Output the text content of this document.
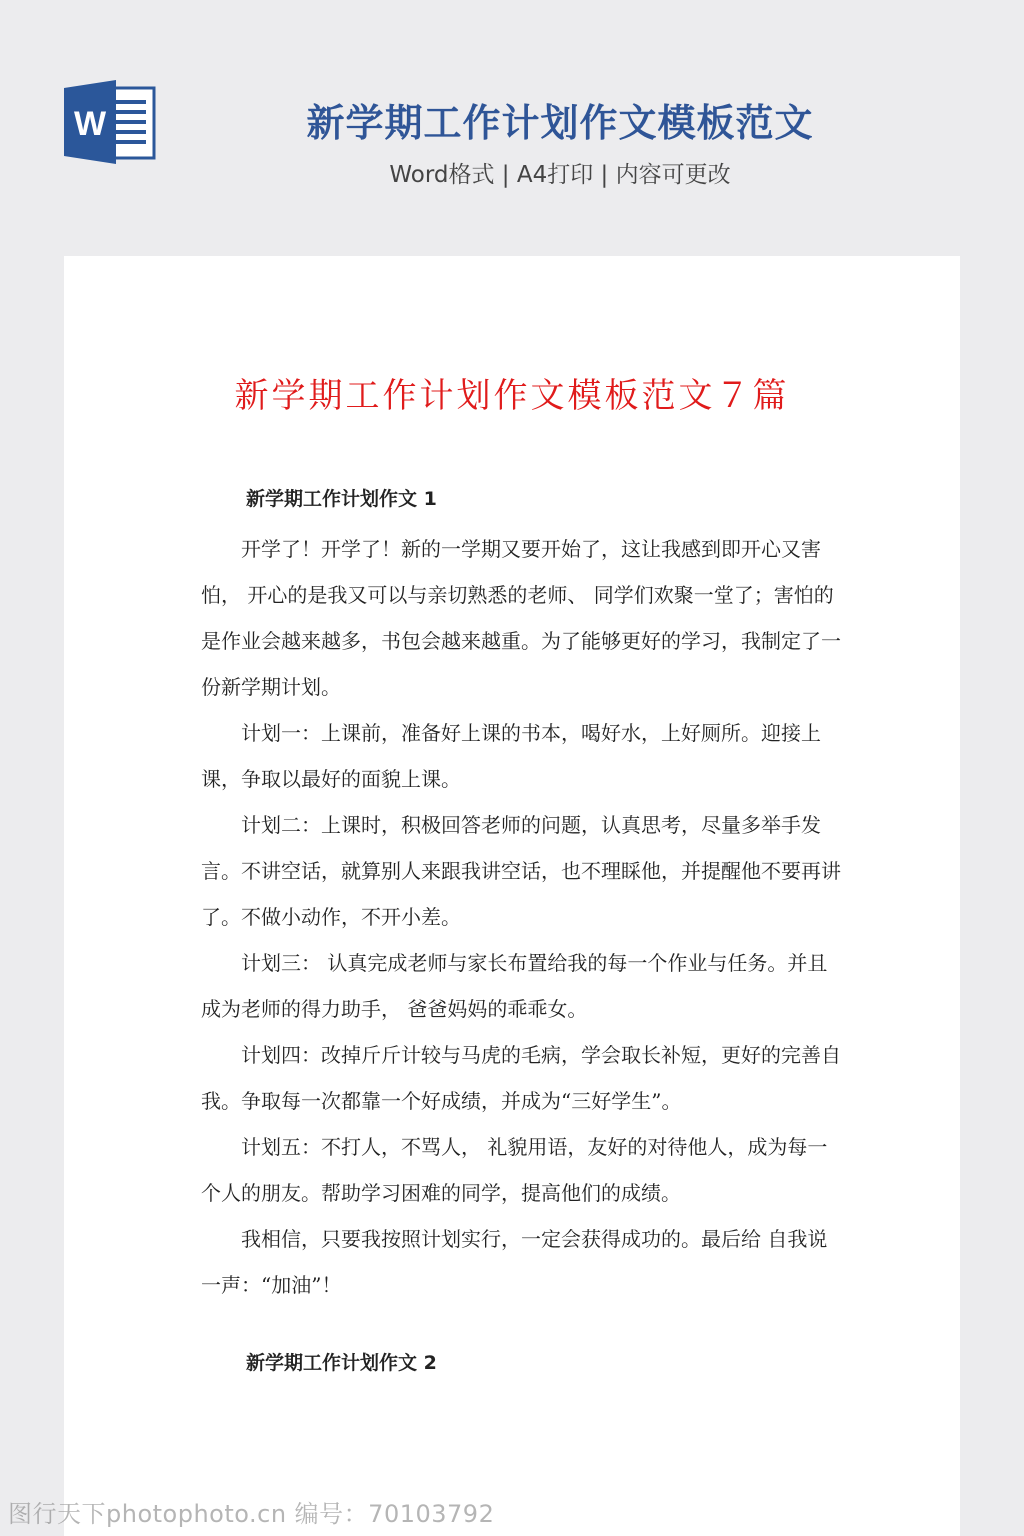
W	新学期工作计划作文模板范文
Word格式 | A4打印 | 内容可更改
新学期工作计划作文模板范文７篇
新学期工作计划作文 1

开学了！开学了！新的一学期又要开始了，这让我感到即开心又害怕， 开心的是我又可以与亲切熟悉的老师、 同学们欢聚一堂了；害怕的是作业会越来越多，书包会越来越重。为了能够更好的学习，我制定了一份新学期计划。

计划一：上课前，准备好上课的书本，喝好水，上好厕所。迎接上课，争取以最好的面貌上课。

计划二：上课时，积极回答老师的问题，认真思考，尽量多举手发言。不讲空话，就算别人来跟我讲空话，也不理睬他，并提醒他不要再讲了。不做小动作，不开小差。

计划三： 认真完成老师与家长布置给我的每一个作业与任务。并且成为老师的得力助手， 爸爸妈妈的乖乖女。

计划四：改掉斤斤计较与马虎的毛病，学会取长补短，更好的完善自我。争取每一次都靠一个好成绩，并成为“三好学生”。

计划五：不打人，不骂人， 礼貌用语，友好的对待他人，成为每一个人的朋友。帮助学习困难的同学，提高他们的成绩。

我相信，只要我按照计划实行，一定会获得成功的。最后给 自我说一声：“加油”！

新学期工作计划作文 2
图行天下photophoto.cn 编号：70103792
